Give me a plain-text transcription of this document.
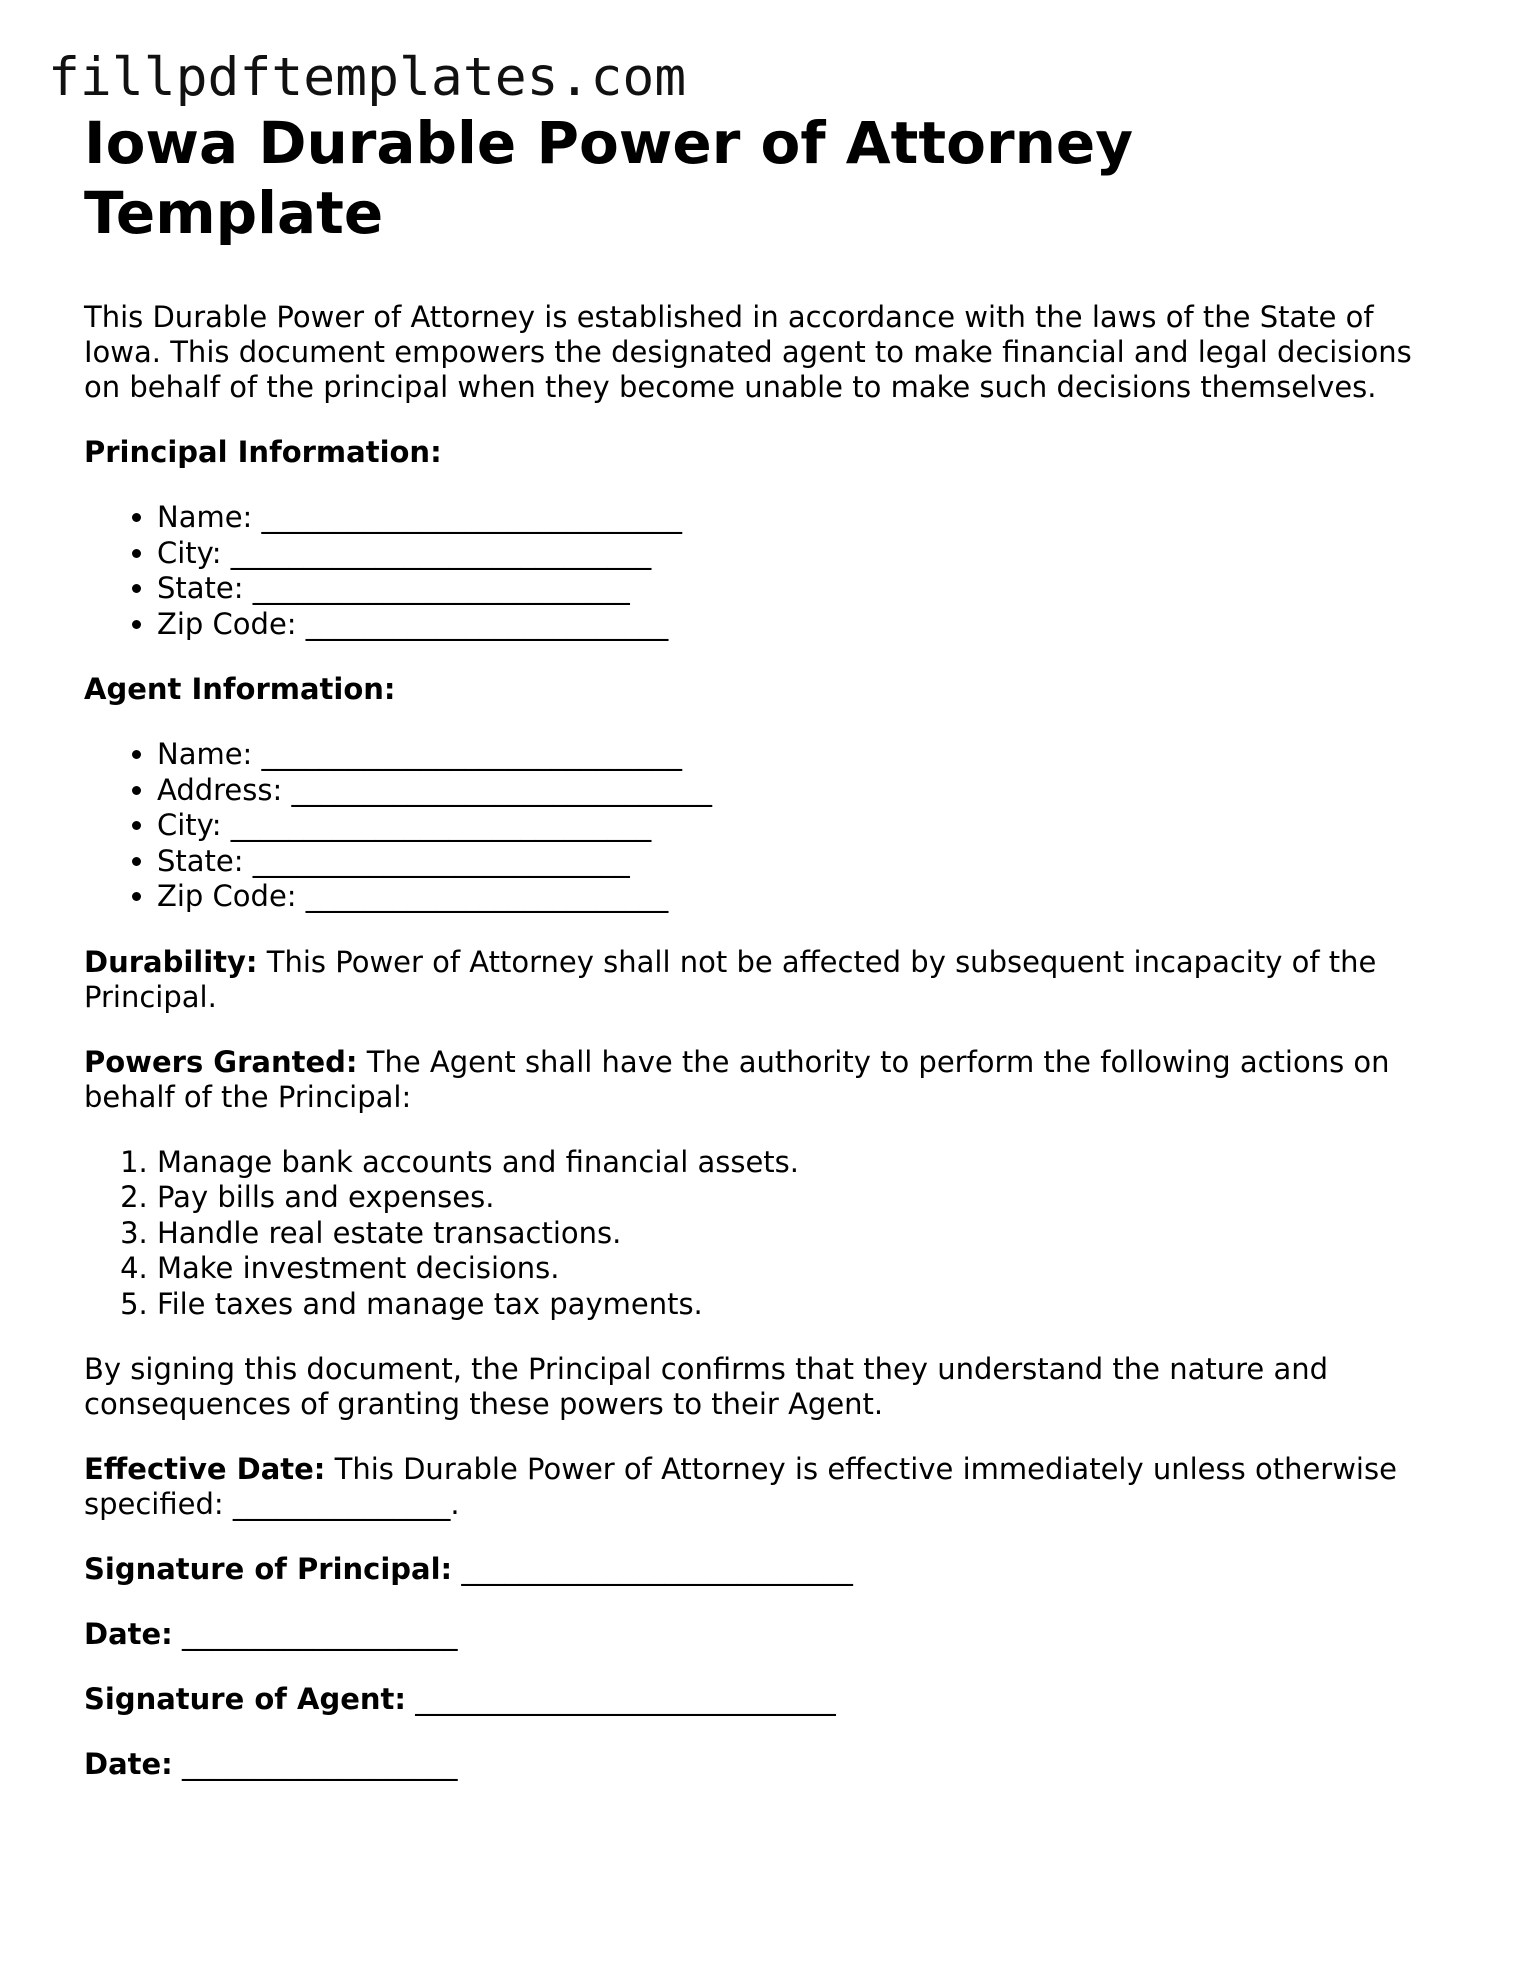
fillpdftemplates.com
Iowa Durable Power of Attorney Template

This Durable Power of Attorney is established in accordance with the laws of the State of Iowa. This document empowers the designated agent to make financial and legal decisions on behalf of the principal when they become unable to make such decisions themselves.

Principal Information:

• Name: _____________________________
• City: _____________________________
• State: __________________________
• Zip Code: _________________________

Agent Information:

• Name: _____________________________
• Address: _____________________________
• City: _____________________________
• State: __________________________
• Zip Code: _________________________

Durability: This Power of Attorney shall not be affected by subsequent incapacity of the Principal.

Powers Granted: The Agent shall have the authority to perform the following actions on behalf of the Principal:

1. Manage bank accounts and financial assets.
2. Pay bills and expenses.
3. Handle real estate transactions.
4. Make investment decisions.
5. File taxes and manage tax payments.

By signing this document, the Principal confirms that they understand the nature and consequences of granting these powers to their Agent.

Effective Date: This Durable Power of Attorney is effective immediately unless otherwise specified: _______________.

Signature of Principal: ___________________________

Date: ___________________

Signature of Agent: _____________________________

Date: ___________________
